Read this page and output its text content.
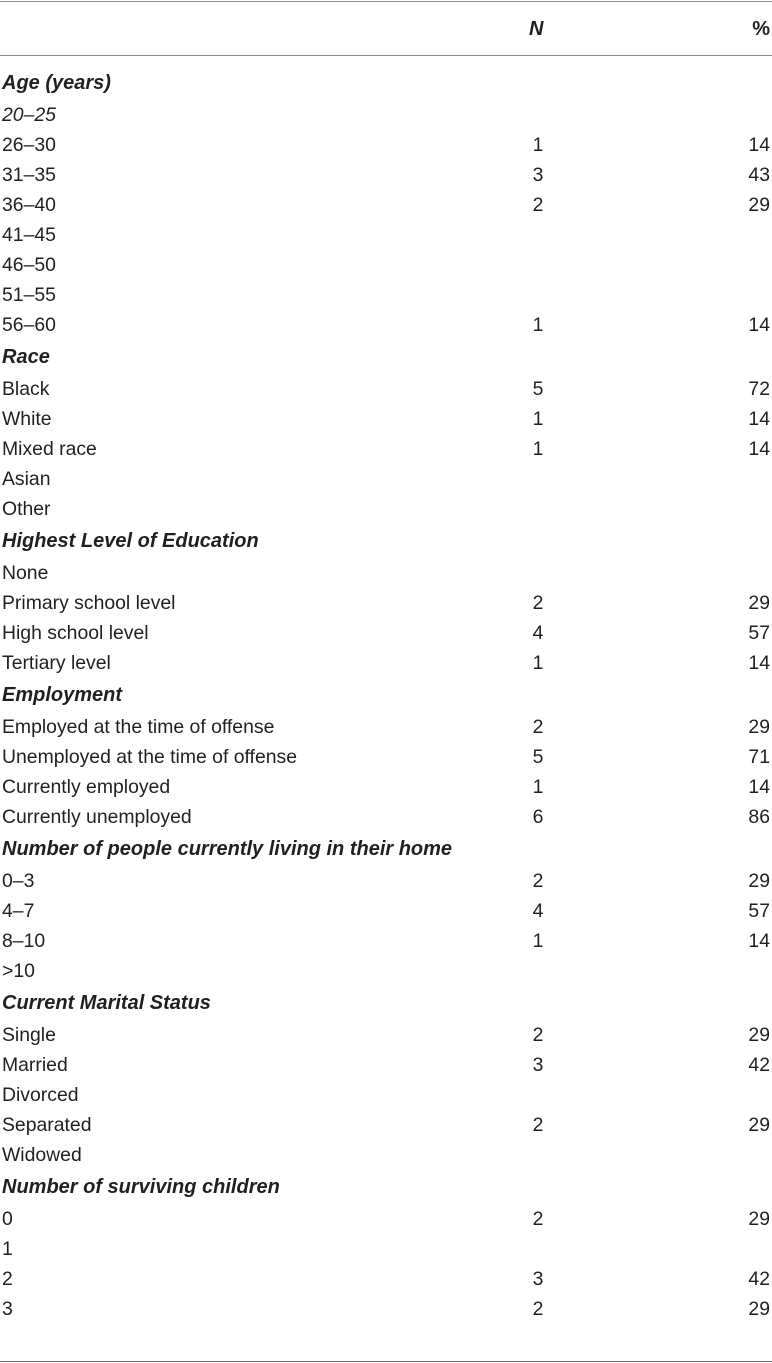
N	%
Age (years)
20–25
26–30	1	14
31–35	3	43
36–40	2	29
41–45
46–50
51–55
56–60	1	14
Race
Black	5	72
White	1	14
Mixed race	1	14
Asian
Other
Highest Level of Education
None
Primary school level	2	29
High school level	4	57
Tertiary level	1	14
Employment
Employed at the time of offense	2	29
Unemployed at the time of offense	5	71
Currently employed	1	14
Currently unemployed	6	86
Number of people currently living in their home
0–3	2	29
4–7	4	57
8–10	1	14
>10
Current Marital Status
Single	2	29
Married	3	42
Divorced
Separated	2	29
Widowed
Number of surviving children
0	2	29
1
2	3	42
3	2	29
